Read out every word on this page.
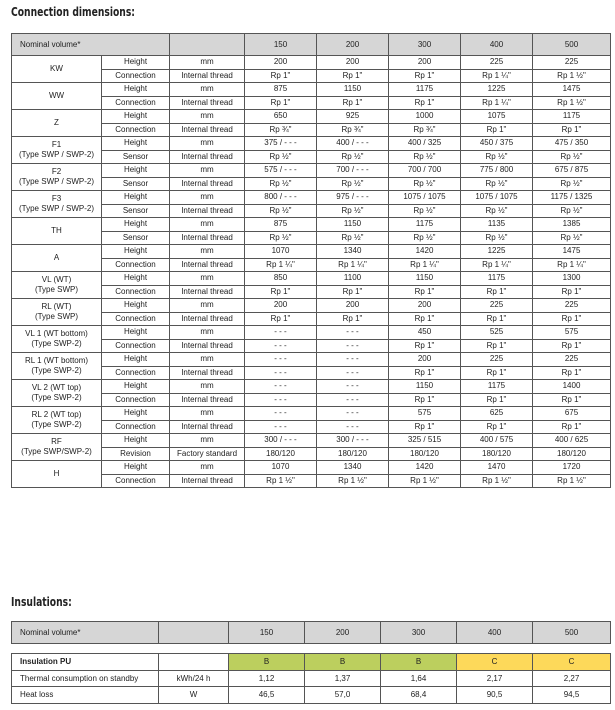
Connection dimensions:
Nominal volume*			150	200	300	400	500

KW	Height	mm	200	200	200	225	225
	Connection	Internal thread	Rp 1"	Rp 1"	Rp 1"	Rp 1 ¼"	Rp 1 ½"

WW	Height	mm	875	1150	1175	1225	1475
	Connection	Internal thread	Rp 1"	Rp 1"	Rp 1"	Rp 1 ¼"	Rp 1 ½"

Z	Height	mm	650	925	1000	1075	1175
	Connection	Internal thread	Rp ¾"	Rp ¾"	Rp ¾"	Rp 1"	Rp 1"

F1
(Type SWP / SWP-2)	Height	mm	375 / - - -	400 / - - -	400 / 325	450 / 375	475 / 350
	Sensor	Internal thread	Rp ½"	Rp ½"	Rp ½"	Rp ½"	Rp ½"

F2
(Type SWP / SWP-2)	Height	mm	575 / - - -	700 / - - -	700 / 700	775 / 800	675 / 875
	Sensor	Internal thread	Rp ½"	Rp ½"	Rp ½"	Rp ½"	Rp ½"

F3
(Type SWP / SWP-2)	Height	mm	800 / - - -	975 / - - -	1075 / 1075	1075 / 1075	1175 / 1325
	Sensor	Internal thread	Rp ½"	Rp ½"	Rp ½"	Rp ½"	Rp ½"

TH	Height	mm	875	1150	1175	1135	1385
	Sensor	Internal thread	Rp ½"	Rp ½"	Rp ½"	Rp ½"	Rp ½"

A	Height	mm	1070	1340	1420	1225	1475
	Connection	Internal thread	Rp 1 ¼"	Rp 1 ¼"	Rp 1 ¼"	Rp 1 ¼"	Rp 1 ¼"

VL (WT)
(Type SWP)	Height	mm	850	1100	1150	1175	1300
	Connection	Internal thread	Rp 1"	Rp 1"	Rp 1"	Rp 1"	Rp 1"

RL (WT)
(Type SWP)	Height	mm	200	200	200	225	225
	Connection	Internal thread	Rp 1"	Rp 1"	Rp 1"	Rp 1"	Rp 1"

VL 1 (WT bottom)
(Type SWP-2)	Height	mm	- - -	- - -	450	525	575
	Connection	Internal thread	- - -	- - -	Rp 1"	Rp 1"	Rp 1"

RL 1 (WT bottom)
(Type SWP-2)	Height	mm	- - -	- - -	200	225	225
	Connection	Internal thread	- - -	- - -	Rp 1"	Rp 1"	Rp 1"

VL 2 (WT top)
(Type SWP-2)	Height	mm	- - -	- - -	1150	1175	1400
	Connection	Internal thread	- - -	- - -	Rp 1"	Rp 1"	Rp 1"

RL 2 (WT top)
(Type SWP-2)	Height	mm	- - -	- - -	575	625	675
	Connection	Internal thread	- - -	- - -	Rp 1"	Rp 1"	Rp 1"

RF
(Type SWP/SWP-2)	Height	mm	300 / - - -	300 / - - -	325 / 515	400 / 575	400 / 625
	Revision	Factory standard	180/120	180/120	180/120	180/120	180/120

H	Height	mm	1070	1340	1420	1470	1720
	Connection	Internal thread	Rp 1 ½"	Rp 1 ½"	Rp 1 ½"	Rp 1 ½"	Rp 1 ½"
Insulations:
Nominal volume*		150	200	300	400	500
Insulation PU		B	B	B	C	C
Thermal consumption on standby	kWh/24 h	1,12	1,37	1,64	2,17	2,27
Heat loss	W	46,5	57,0	68,4	90,5	94,5
